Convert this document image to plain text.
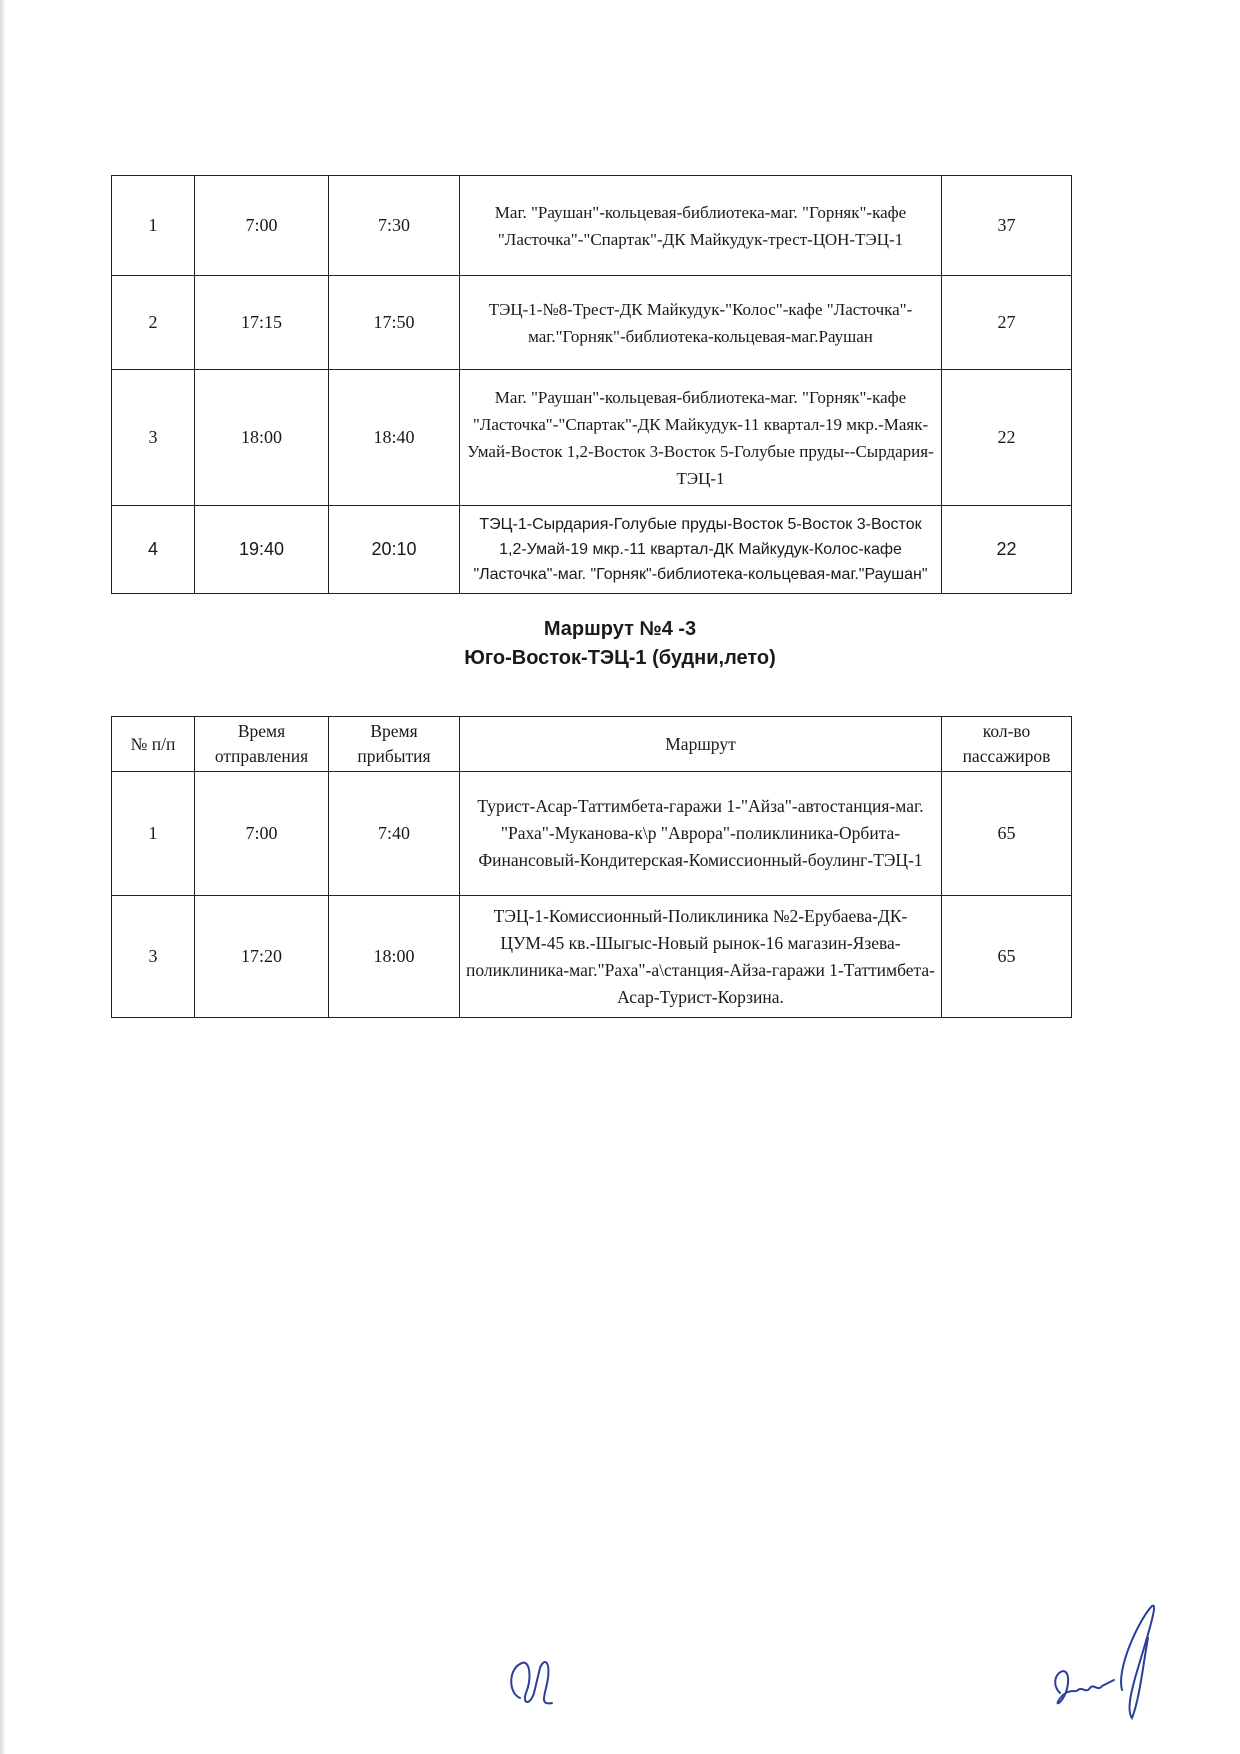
1	7:00	7:30	Маг. "Раушан"-кольцевая-библиотека-маг. "Горняк"-кафе "Ласточка"-"Спартак"-ДК Майкудук-трест-ЦОН-ТЭЦ-1	37
2	17:15	17:50	ТЭЦ-1-№8-Трест-ДК Майкудук-"Колос"-кафе "Ласточка"-маг."Горняк"-библиотека-кольцевая-маг.Раушан	27
3	18:00	18:40	Маг. "Раушан"-кольцевая-библиотека-маг. "Горняк"-кафе "Ласточка"-"Спартак"-ДК Майкудук-11 квартал-19 мкр.-Маяк-Умай-Восток 1,2-Восток 3-Восток 5-Голубые пруды--Сырдария-ТЭЦ-1	22
4	19:40	20:10	ТЭЦ-1-Сырдария-Голубые пруды-Восток 5-Восток 3-Восток 1,2-Умай-19 мкр.-11 квартал-ДК Майкудук-Колос-кафе "Ласточка"-маг. "Горняк"-библиотека-кольцевая-маг."Раушан"	22
Маршрут №4 -3
Юго-Восток-ТЭЦ-1 (будни,лето)
№ п/п	Время отправления	Время прибытия	Маршрут	кол-во пассажиров
1	7:00	7:40	Турист-Асар-Таттимбета-гаражи 1-"Айза"-автостанция-маг. "Раха"-Муканова-к\р "Аврора"-поликлиника-Орбита-Финансовый-Кондитерская-Комиссионный-боулинг-ТЭЦ-1	65
3	17:20	18:00	ТЭЦ-1-Комиссионный-Поликлиника №2-Ерубаева-ДК-ЦУМ-45 кв.-Шыгыс-Новый рынок-16 магазин-Язева-поликлиника-маг."Раха"-а\станция-Айза-гаражи 1-Таттимбета-Асар-Турист-Корзина.	65
